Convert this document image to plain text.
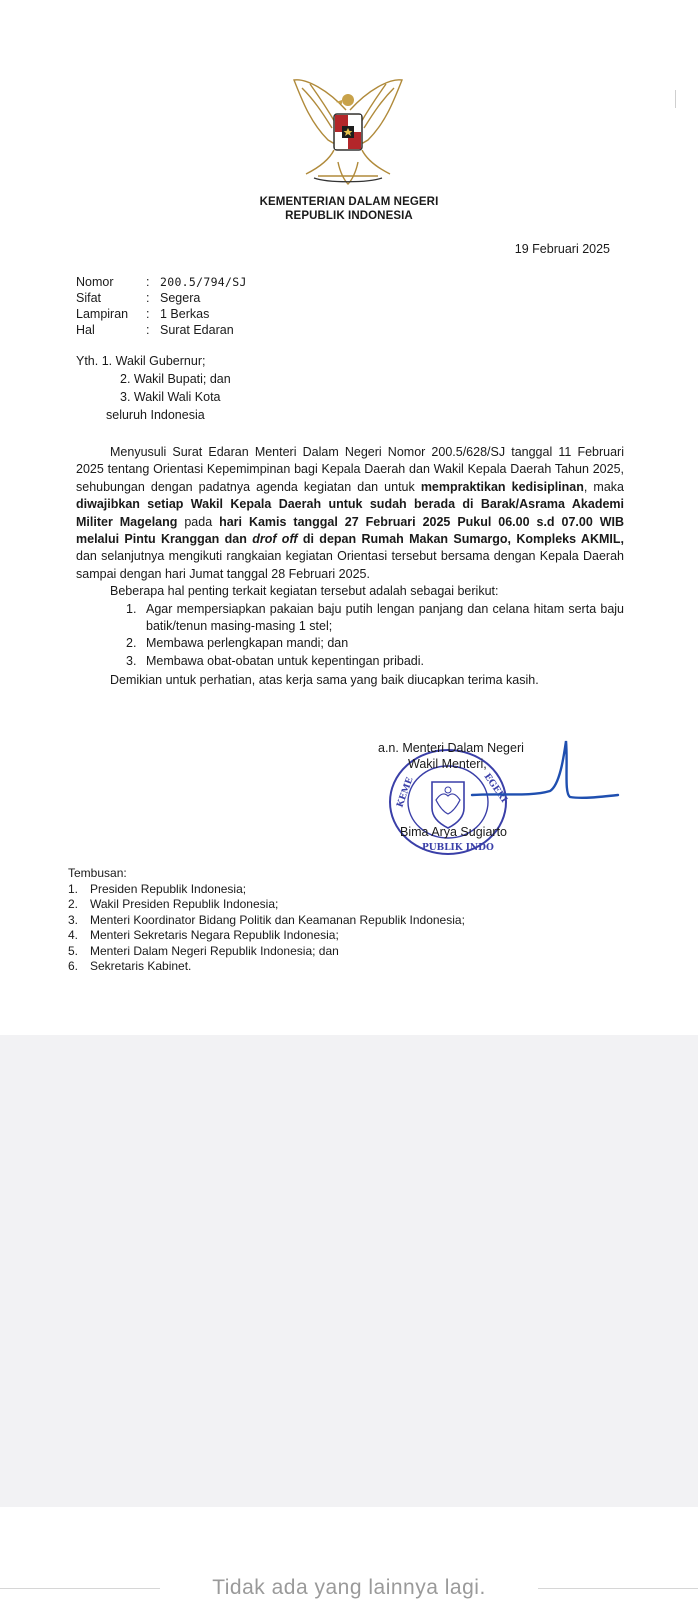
KEMENTERIAN DALAM NEGERI
REPUBLIK INDONESIA
19 Februari 2025
Nomor	: 200.5/794/SJ
Sifat	: Segera
Lampiran	: 1 Berkas
Hal	: Surat Edaran
Yth. 1. Wakil Gubernur;
2. Wakil Bupati; dan
3. Wakil Wali Kota
seluruh Indonesia

Menyusuli Surat Edaran Menteri Dalam Negeri Nomor 200.5/628/SJ tanggal 11 Februari 2025 tentang Orientasi Kepemimpinan bagi Kepala Daerah dan Wakil Kepala Daerah Tahun 2025, sehubungan dengan padatnya agenda kegiatan dan untuk mempraktikan kedisiplinan, maka diwajibkan setiap Wakil Kepala Daerah untuk sudah berada di Barak/Asrama Akademi Militer Magelang pada hari Kamis tanggal 27 Februari 2025 Pukul 06.00 s.d 07.00 WIB melalui Pintu Kranggan dan drof off di depan Rumah Makan Sumargo, Kompleks AKMIL, dan selanjutnya mengikuti rangkaian kegiatan Orientasi tersebut bersama dengan Kepala Daerah sampai dengan hari Jumat tanggal 28 Februari 2025.

Beberapa hal penting terkait kegiatan tersebut adalah sebagai berikut:

1. Agar mempersiapkan pakaian baju putih lengan panjang dan celana hitam serta baju batik/tenun masing-masing 1 stel;
2. Membawa perlengkapan mandi; dan
3. Membawa obat-obatan untuk kepentingan pribadi.

Demikian untuk perhatian, atas kerja sama yang baik diucapkan terima kasih.

KEME	EGERI
PUBLIK INDO
a.n. Menteri Dalam Negeri
Wakil Menteri,
Bima Arya Sugiarto
Tembusan:
1. Presiden Republik Indonesia;
2. Wakil Presiden Republik Indonesia;
3. Menteri Koordinator Bidang Politik dan Keamanan Republik Indonesia;
4. Menteri Sekretaris Negara Republik Indonesia;
5. Menteri Dalam Negeri Republik Indonesia; dan
6. Sekretaris Kabinet.
Tidak ada yang lainnya lagi.
